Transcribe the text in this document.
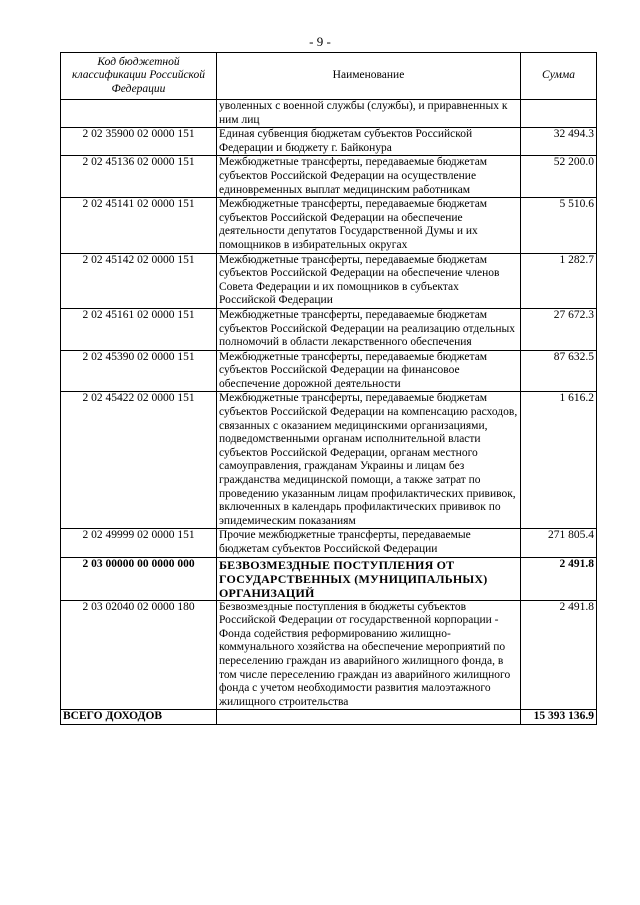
- 9 -
Код бюджетной классификации Российской Федерации	Наименование	Сумма
	уволенных с военной службы (службы), и приравненных к ним лиц	
2 02 35900 02 0000 151	Единая субвенция бюджетам субъектов Российской Федерации и бюджету г. Байконура	32 494.3
2 02 45136 02 0000 151	Межбюджетные трансферты, передаваемые бюджетам субъектов Российской Федерации на осуществление единовременных выплат медицинским работникам	52 200.0
2 02 45141 02 0000 151	Межбюджетные трансферты, передаваемые бюджетам субъектов Российской Федерации на обеспечение деятельности депутатов Государственной Думы и их помощников в избирательных округах	5 510.6
2 02 45142 02 0000 151	Межбюджетные трансферты, передаваемые бюджетам субъектов Российской Федерации на обеспечение членов Совета Федерации и их помощников в субъектах Российской Федерации	1 282.7
2 02 45161 02 0000 151	Межбюджетные трансферты, передаваемые бюджетам субъектов Российской Федерации на реализацию отдельных полномочий в области лекарственного обеспечения	27 672.3
2 02 45390 02 0000 151	Межбюджетные трансферты, передаваемые бюджетам субъектов Российской Федерации на финансовое обеспечение дорожной деятельности	87 632.5
2 02 45422 02 0000 151	Межбюджетные трансферты, передаваемые бюджетам субъектов Российской Федерации на компенсацию расходов, связанных с оказанием медицинскими организациями, подведомственными органам исполнительной власти субъектов Российской Федерации, органам местного самоуправления, гражданам Украины и лицам без гражданства медицинской помощи, а также затрат по проведению указанным лицам профилактических прививок, включенных в календарь профилактических прививок по эпидемическим показаниям	1 616.2
2 02 49999 02 0000 151	Прочие межбюджетные трансферты, передаваемые бюджетам субъектов Российской Федерации	271 805.4
2 03 00000 00 0000 000	БЕЗВОЗМЕЗДНЫЕ ПОСТУПЛЕНИЯ ОТ ГОСУДАРСТВЕННЫХ (МУНИЦИПАЛЬНЫХ) ОРГАНИЗАЦИЙ	2 491.8
2 03 02040 02 0000 180	Безвозмездные поступления в бюджеты субъектов Российской Федерации от государственной корпорации - Фонда содействия реформированию жилищно-коммунального хозяйства на обеспечение мероприятий по переселению граждан из аварийного жилищного фонда, в том числе переселению граждан из аварийного жилищного фонда с учетом необходимости развития малоэтажного жилищного строительства	2 491.8
ВСЕГО ДОХОДОВ		15 393 136.9
